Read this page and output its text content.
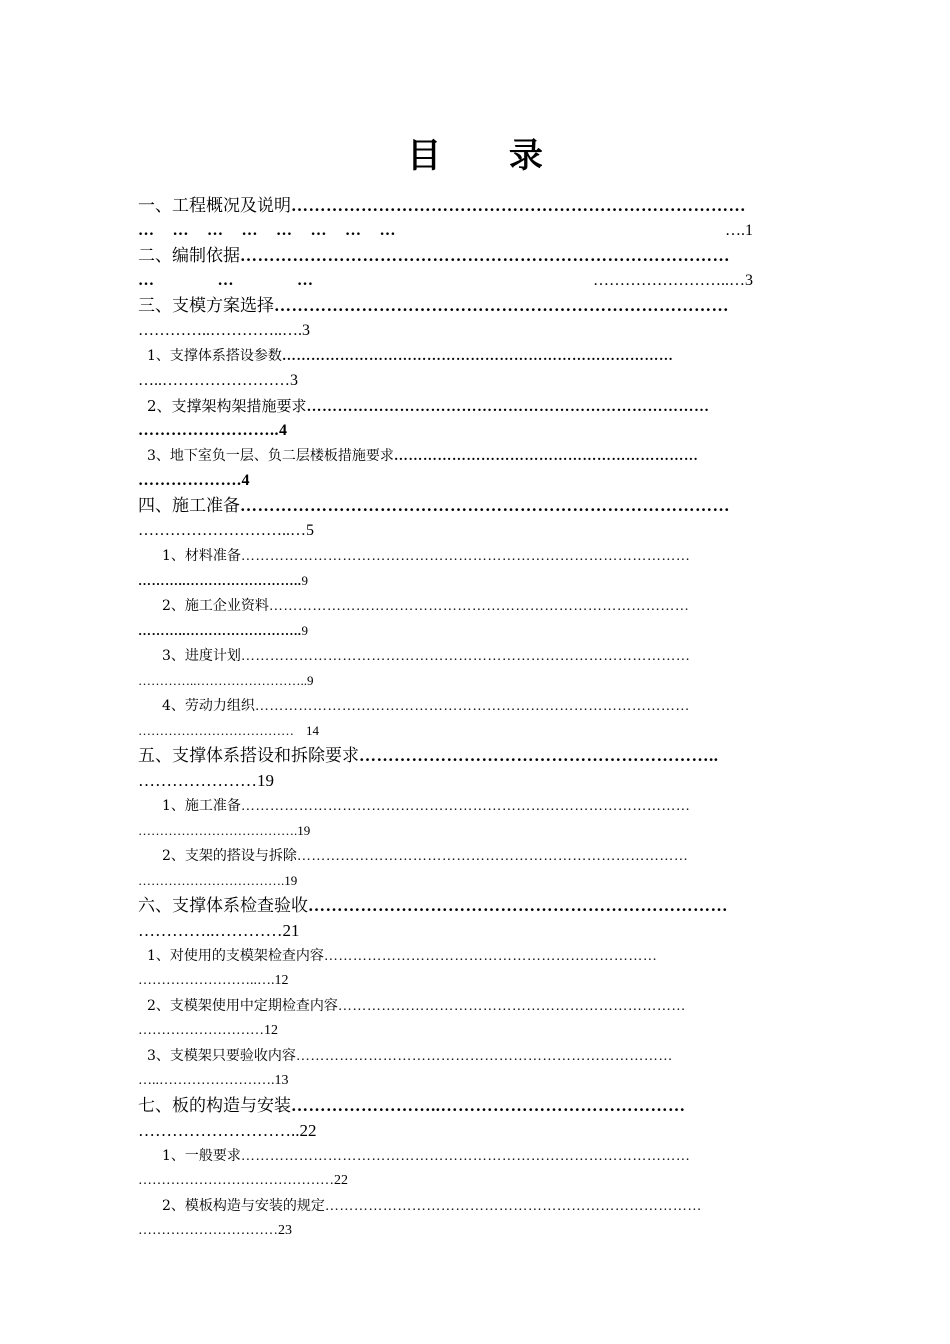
目 录
一、工程概况及说明 ……………………………………………………………………
…    …    …    …    …    …    …    …	….1
二、编制依据 …………………………………………………………………………
…              …              …	……………………..…3
三、支模方案选择 ……………………………………………………………………
…………..…………..….3
1、支撑体系搭设参数 ………………………………………………………………………
…..……………………3
2、支撑架构架措施要求 ……………………………………………………………………
……………………..4
3、地下室负一层、负二层楼板措施要求 ………………………………………………………
……………….4
四、施工准备 …………………………………………………………………………
………………………..…5
1、材料准备 …………………………………………………………………………………
………..……………………..9
2、施工企业资料 ……………………………………………………………………………
………..……………………..9
3、进度计划 …………………………………………………………………………………
…………..……………………..9
4、劳动力组织 ………………………………………………………………………………
……………………………… 14
五、支撑体系搭设和拆除要求 ……………………………………………………..
…………………19
1、施工准备 …………………………………………………………………………………
……………………………….19
2、支架的搭设与拆除 ………………………………………………………………………
…………………………….19
六、支撑体系检查验收 ………………………………………………………………
…………..…………21
1、对使用的支模架检查内容 ……………………………………………………………
……………………..….12
2、支模架使用中定期检查内容 ………………………………………………………………
………………………12
3、支模架只要验收内容 ……………………………………………………………………
…..…………………….13
七、板的构造与安装 ……………………..……………………………………
………………………..22
1、一般要求 …………………………………………………………………………………
……………………………………22
2、模板构造与安装的规定 ……………………………………………………………………
…………………………23
